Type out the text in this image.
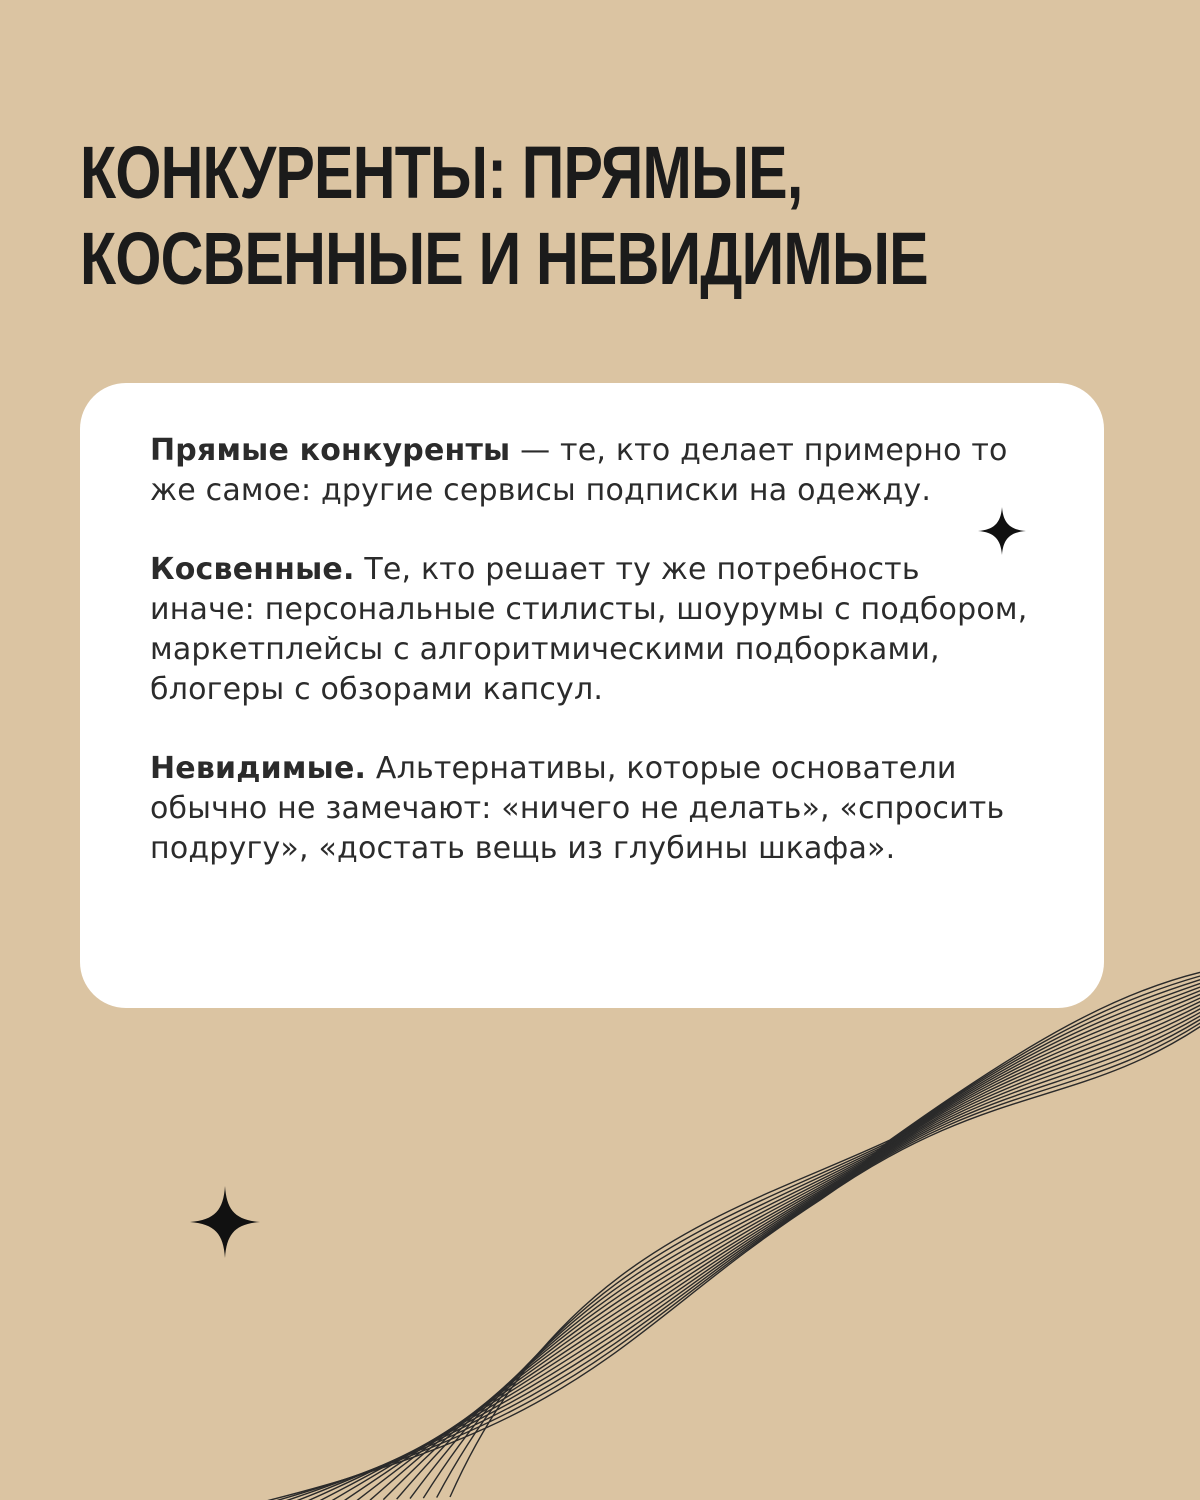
КОНКУРЕНТЫ: ПРЯМЫЕ,
КОСВЕННЫЕ И НЕВИДИМЫЕ

Прямые конкуренты — те, кто делает примерно то же самое: другие сервисы подписки на одежду.

Косвенные. Те, кто решает ту же потребность иначе: персональные стилисты, шоурумы с подбором, маркетплейсы с алгоритмическими подборками, блогеры с обзорами капсул.

Невидимые. Альтернативы, которые основатели обычно не замечают: «ничего не делать», «спросить подругу», «достать вещь из глубины шкафа».
